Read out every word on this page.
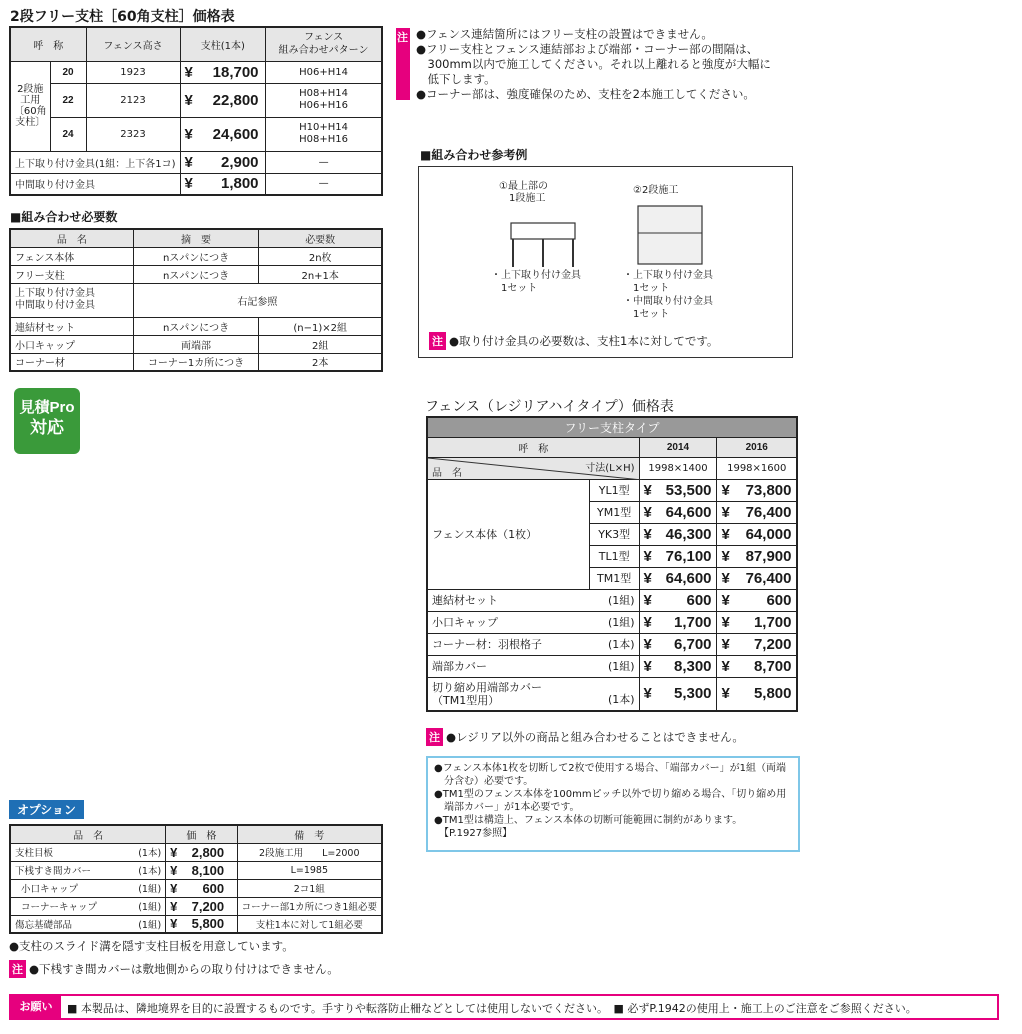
2段フリー支柱［60角支柱］価格表
呼　称		フェンス高さ	支柱(1本)	フェンス
組み合わせパターン
2段施工用
〔60角支柱〕	20	1923	¥ 18,700	H06+H14
	22	2123	¥ 22,800	H08+H14
H06+H16
	24	2323	¥ 24,600	H10+H14
H08+H16
上下取り付け金具(1組：上下各1コ)			¥ 2,900	—
中間取り付け金具			¥ 1,800	—
注 ●フェンス連結箇所にはフリー支柱の設置はできません。
●フリー支柱とフェンス連結部および端部・コーナー部の間隔は、
　300mm以内で施工してください。それ以上離れると強度が大幅に
　低下します。
●コーナー部は、強度確保のため、支柱を2本施工してください。
■組み合わせ必要数
品　名	摘　要	必要数
フェンス本体	nスパンにつき	2n枚
フリー支柱	nスパンにつき	2n+1本
上下取り付け金具
中間取り付け金具	右記参照	
連結材セット	nスパンにつき	(n−1)×2組
小口キャップ	両端部	2組
コーナー材	コーナー1カ所につき	2本
見積Pro
対応
■組み合わせ参考例
①最上部の
　1段施工
・上下取り付け金具
　1セット
②2段施工
・上下取り付け金具
　1セット
・中間取り付け金具
　1セット
注 ●取り付け金具の必要数は、支柱1本に対してです。
フェンス（レジリアハイタイプ）価格表
フリー支柱タイプ			
呼　称		2014	2016

寸法(L×H)
品　名		1998×1400	1998×1600
フェンス本体（1枚）	YL1型	¥ 53,500	¥ 73,800
	YM1型	¥ 64,600	¥ 76,400
	YK3型	¥ 46,300	¥ 64,000
	TL1型	¥ 76,100	¥ 87,900
	TM1型	¥ 64,600	¥ 76,400
連結材セット (1組)		¥ 600	¥ 600
小口キャップ (1組)		¥ 1,700	¥ 1,700
コーナー材：羽根格子 (1本)		¥ 6,700	¥ 7,200
端部カバー (1組)		¥ 8,300	¥ 8,700
切り縮め用端部カバー
（TM1型用） (1本)		¥ 5,300	¥ 5,800
注 ●レジリア以外の商品と組み合わせることはできません。
●フェンス本体1枚を切断して2枚で使用する場合、「端部カバー」が1組（両端
　分含む）必要です。
●TM1型のフェンス本体を100mmピッチ以外で切り縮める場合、「切り縮め用
　端部カバー」が1本必要です。
●TM1型は構造上、フェンス本体の切断可能範囲に制約があります。
　【P.1927参照】
オプション
品　名	価　格	備　考
支柱目板 (1本)	¥ 2,800	2段施工用　　L=2000
下桟すき間カバー (1本)	¥ 8,100	L=1985
小口キャップ (1組)	¥ 600	2コ1組
コーナーキャップ (1組)	¥ 7,200	コーナー部1カ所につき1組必要
傷忘基礎部品 (1組)	¥ 5,800	支柱1本に対して1組必要
●支柱のスライド溝を隠す支柱目板を用意しています。
注 ●下桟すき間カバーは敷地側からの取り付けはできません。
お願い	■ 本製品は、隣地境界を目的に設置するものです。手すりや転落防止柵などとしては使用しないでください。　■ 必ずP.1942の使用上・施工上のご注意をご参照ください。
